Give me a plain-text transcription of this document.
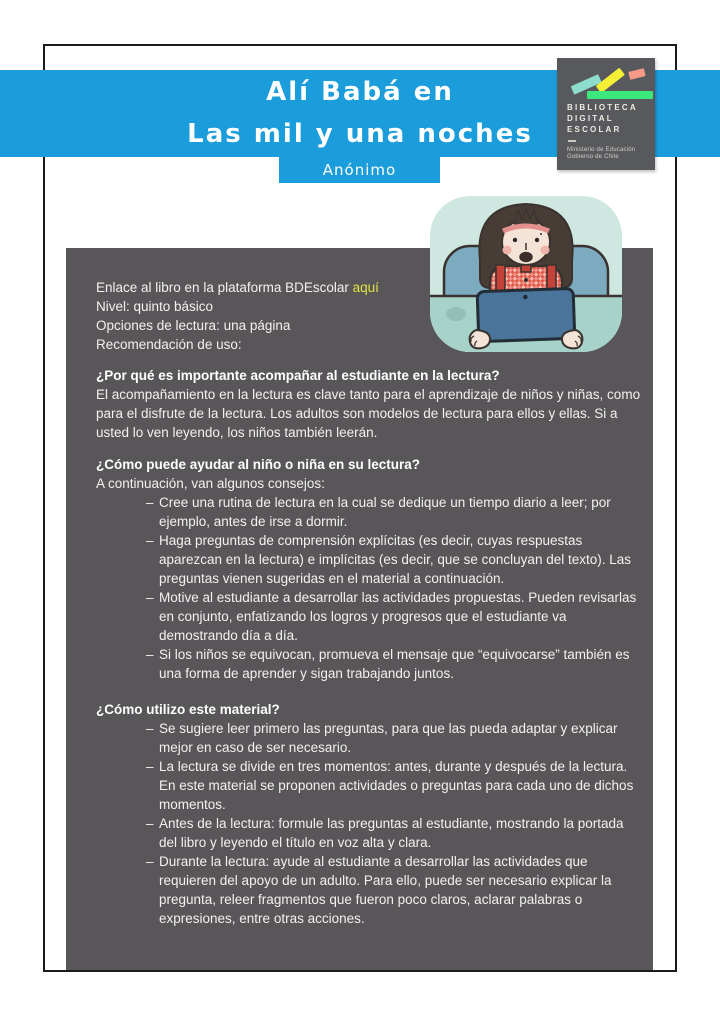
Alí Babá en
Las mil y una noches
Anónimo
BIBLIOTECA
DIGITAL
ESCOLAR
Ministerio de Educación
Gobierno de Chile
Enlace al libro en la plataforma BDEscolar aquí
Nivel: quinto básico
Opciones de lectura: una página
Recomendación de uso:
¿Por qué es importante acompañar al estudiante en la lectura?
El acompañamiento en la lectura es clave tanto para el aprendizaje de niños y niñas, como para el disfrute de la lectura. Los adultos son modelos de lectura para ellos y ellas. Si a usted lo ven leyendo, los niños también leerán.
¿Cómo puede ayudar al niño o niña en su lectura?
A continuación, van algunos consejos:
– Cree una rutina de lectura en la cual se dedique un tiempo diario a leer; por ejemplo, antes de irse a dormir.
– Haga preguntas de comprensión explícitas (es decir, cuyas respuestas aparezcan en la lectura) e implícitas (es decir, que se concluyan del texto). Las preguntas vienen sugeridas en el material a continuación.
– Motive al estudiante a desarrollar las actividades propuestas. Pueden revisarlas en conjunto, enfatizando los logros y progresos que el estudiante va demostrando día a día.
– Si los niños se equivocan, promueva el mensaje que “equivocarse” también es una forma de aprender y sigan trabajando juntos.
¿Cómo utilizo este material?
– Se sugiere leer primero las preguntas, para que las pueda adaptar y explicar mejor en caso de ser necesario.
– La lectura se divide en tres momentos: antes, durante y después de la lectura. En este material se proponen actividades o preguntas para cada uno de dichos momentos.
– Antes de la lectura: formule las preguntas al estudiante, mostrando la portada del libro y leyendo el título en voz alta y clara.
– Durante la lectura: ayude al estudiante a desarrollar las actividades que requieren del apoyo de un adulto. Para ello, puede ser necesario explicar la pregunta, releer fragmentos que fueron poco claros, aclarar palabras o expresiones, entre otras acciones.
